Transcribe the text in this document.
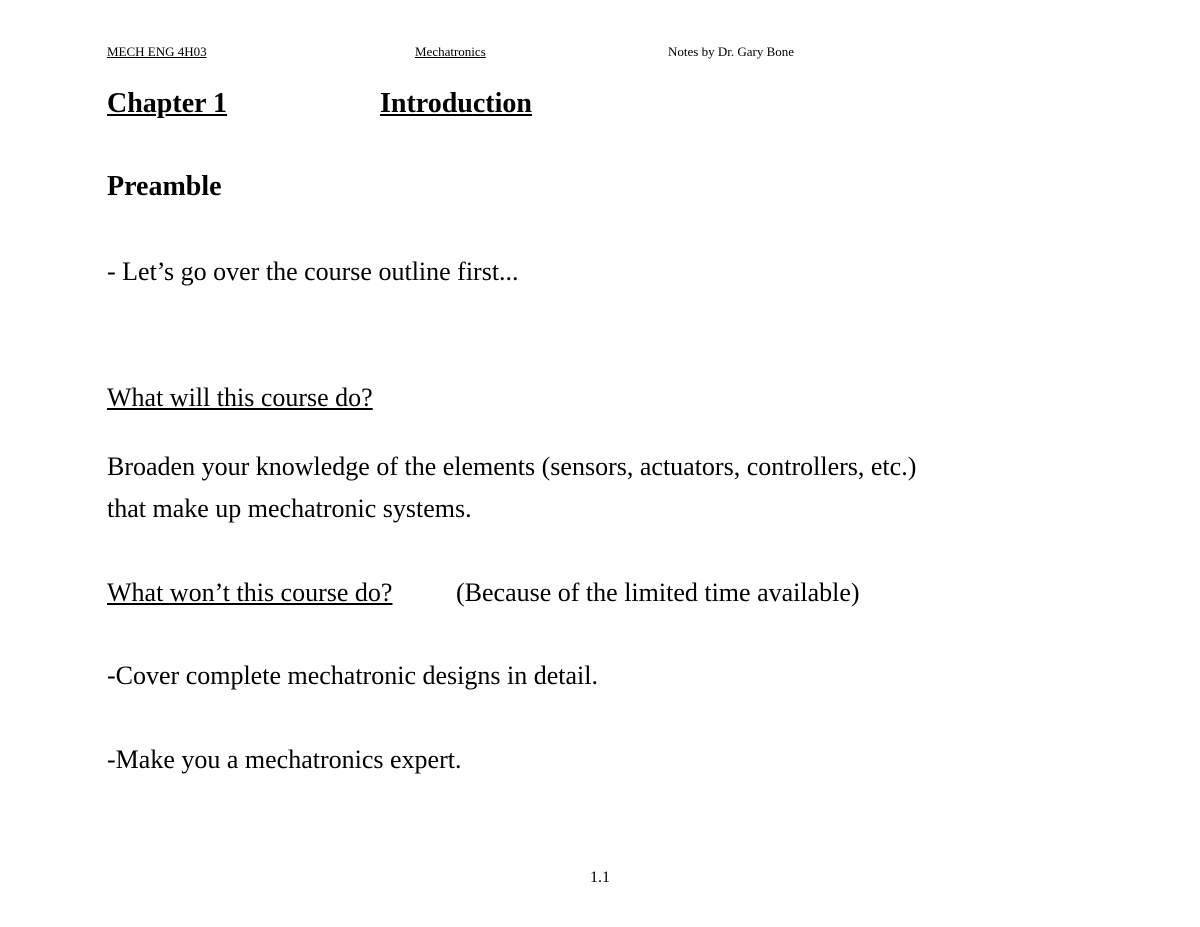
MECH ENG 4H03	Mechatronics	Notes by Dr. Gary Bone
Chapter 1	Introduction
Preamble
- Let’s go over the course outline first...
What will this course do?
Broaden your knowledge of the elements (sensors, actuators, controllers, etc.)
that make up mechatronic systems.
What won’t this course do? (Because of the limited time available)
-Cover complete mechatronic designs in detail.
-Make you a mechatronics expert.
1.1
